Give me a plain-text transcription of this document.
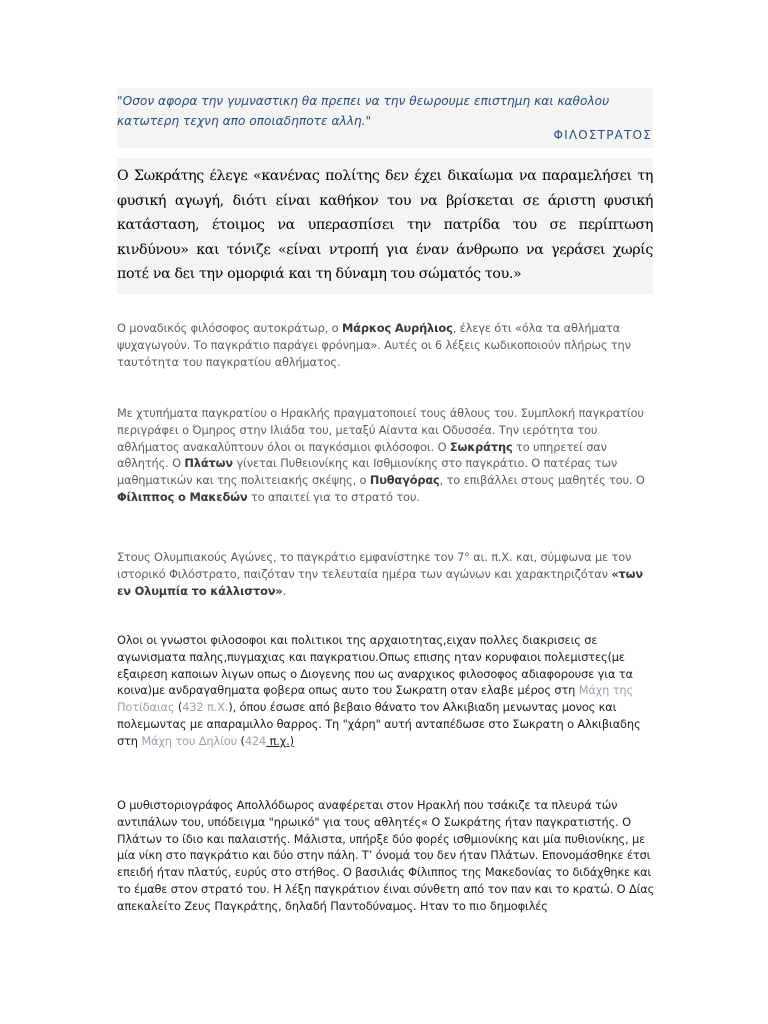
"Οσον αφορα την γυμναστικη θα πρεπει να την θεωρουμε επιστημη και καθολου
κατωτερη τεχνη απο οποιαδηποτε αλλη."

ΦΙΛΟΣΤΡΑΤΟΣ

Ο Σωκράτης έλεγε «κανένας πολίτης δεν έχει δικαίωμα να παραμελήσει τη φυσική αγωγή, διότι είναι καθήκον του να βρίσκεται σε άριστη φυσική κατάσταση, έτοιμος να υπερασπίσει την πατρίδα του σε περίπτωση κινδύνου» και τόνιζε «είναι ντροπή για έναν άνθρωπο να γεράσει χωρίς ποτέ να δει την ομορφιά και τη δύναμη του σώματός του.»

Ο μοναδικός φιλόσοφος αυτοκράτωρ, ο Μάρκος Αυρήλιος, έλεγε ότι «όλα τα αθλήματα ψυχαγωγούν. Το παγκράτιο παράγει φρόνημα». Αυτές οι 6 λέξεις κωδικοποιούν πλήρως την ταυτότητα του παγκρατίου αθλήματος.

Με χτυπήματα παγκρατίου ο Ηρακλής πραγματοποιεί τους άθλους του. Συμπλοκή παγκρατίου περιγράφει ο Όμηρος στην Ιλιάδα του, μεταξύ Αίαντα και Οδυσσέα. Την ιερότητα του αθλήματος ανακαλύπτουν όλοι οι παγκόσμιοι φιλόσοφοι. Ο Σωκράτης το υπηρετεί σαν αθλητής. Ο Πλάτων γίνεται Πυθειονίκης και Ισθμιονίκης στο παγκράτιο. Ο πατέρας των μαθηματικών και της πολιτειακής σκέψης, ο Πυθαγόρας, το επιβάλλει στους μαθητές του. Ο Φίλιππος ο Μακεδών το απαιτεί για το στρατό του.

Στους Ολυμπιακούς Αγώνες, το παγκράτιο εμφανίστηκε τον 7° αι. π.Χ. και, σύμφωνα με τον ιστορικό Φιλόστρατο, παιζόταν την τελευταία ημέρα των αγώνων και χαρακτηριζόταν «των εν Ολυμπία το κάλλιστον».

Ολοι οι γνωστοι φιλοσοφοι και πολιτικοι της αρχαιοτητας,ειχαν πολλες διακρισεις σε αγωνισματα παλης,πυγμαχιας και παγκρατιου.Οπως επισης ηταν κορυφαιοι πολεμιστες(με εξαιρεση καποιων λιγων οπως ο Διογενης που ως αναρχικος φιλοσοφος αδιαφορουσε για τα κοινα)με ανδραγαθηματα φοβερα οπως αυτο του Σωκρατη οταν ελαβε μέρος στη Μάχη της Ποτίδαιας (432 π.Χ.), όπου έσωσε από βεβαιο θάνατο τον Αλκιβιαδη μενωντας μονος και πολεμωντας με απαραμιλλο θαρρος. Τη "χάρη" αυτή ανταπέδωσε στο Σωκρατη ο Αλκιβιαδης στη Μάχη του Δηλίου (424 π.χ.)

Ο μυθιστοριογράφος Απολλόδωρος αναφέρεται στον Ηρακλή που τσάκιζε τα πλευρά τών αντιπάλων του, υπόδειγμα "ηρωικό" για τους αθλητές« Ο Σωκράτης ήταν παγκρατιστής. Ο Πλάτων το ίδιο και παλαιστής. Μάλιστα, υπήρξε δύο φορές ισθμιονίκης και μία πυθιονίκης, με μία νίκη στο παγκράτιο και δύο στην πάλη. Τ’ όνομά του δεν ήταν Πλάτων. Επονομάσθηκε έτσι επειδή ήταν πλατύς, ευρύς στο στήθος. Ο βασιλιάς Φίλιππος της Μακεδονίας το διδάχθηκε και το έμαθε στον στρατό του. Η λέξη παγκράτιον έιναι σύνθετη από τον παν και το κρατώ. Ο Δίας απεκαλείτο Ζευς Παγκράτης, δηλαδή Παντοδύναμος. Ηταν το πιο δημοφιλές
